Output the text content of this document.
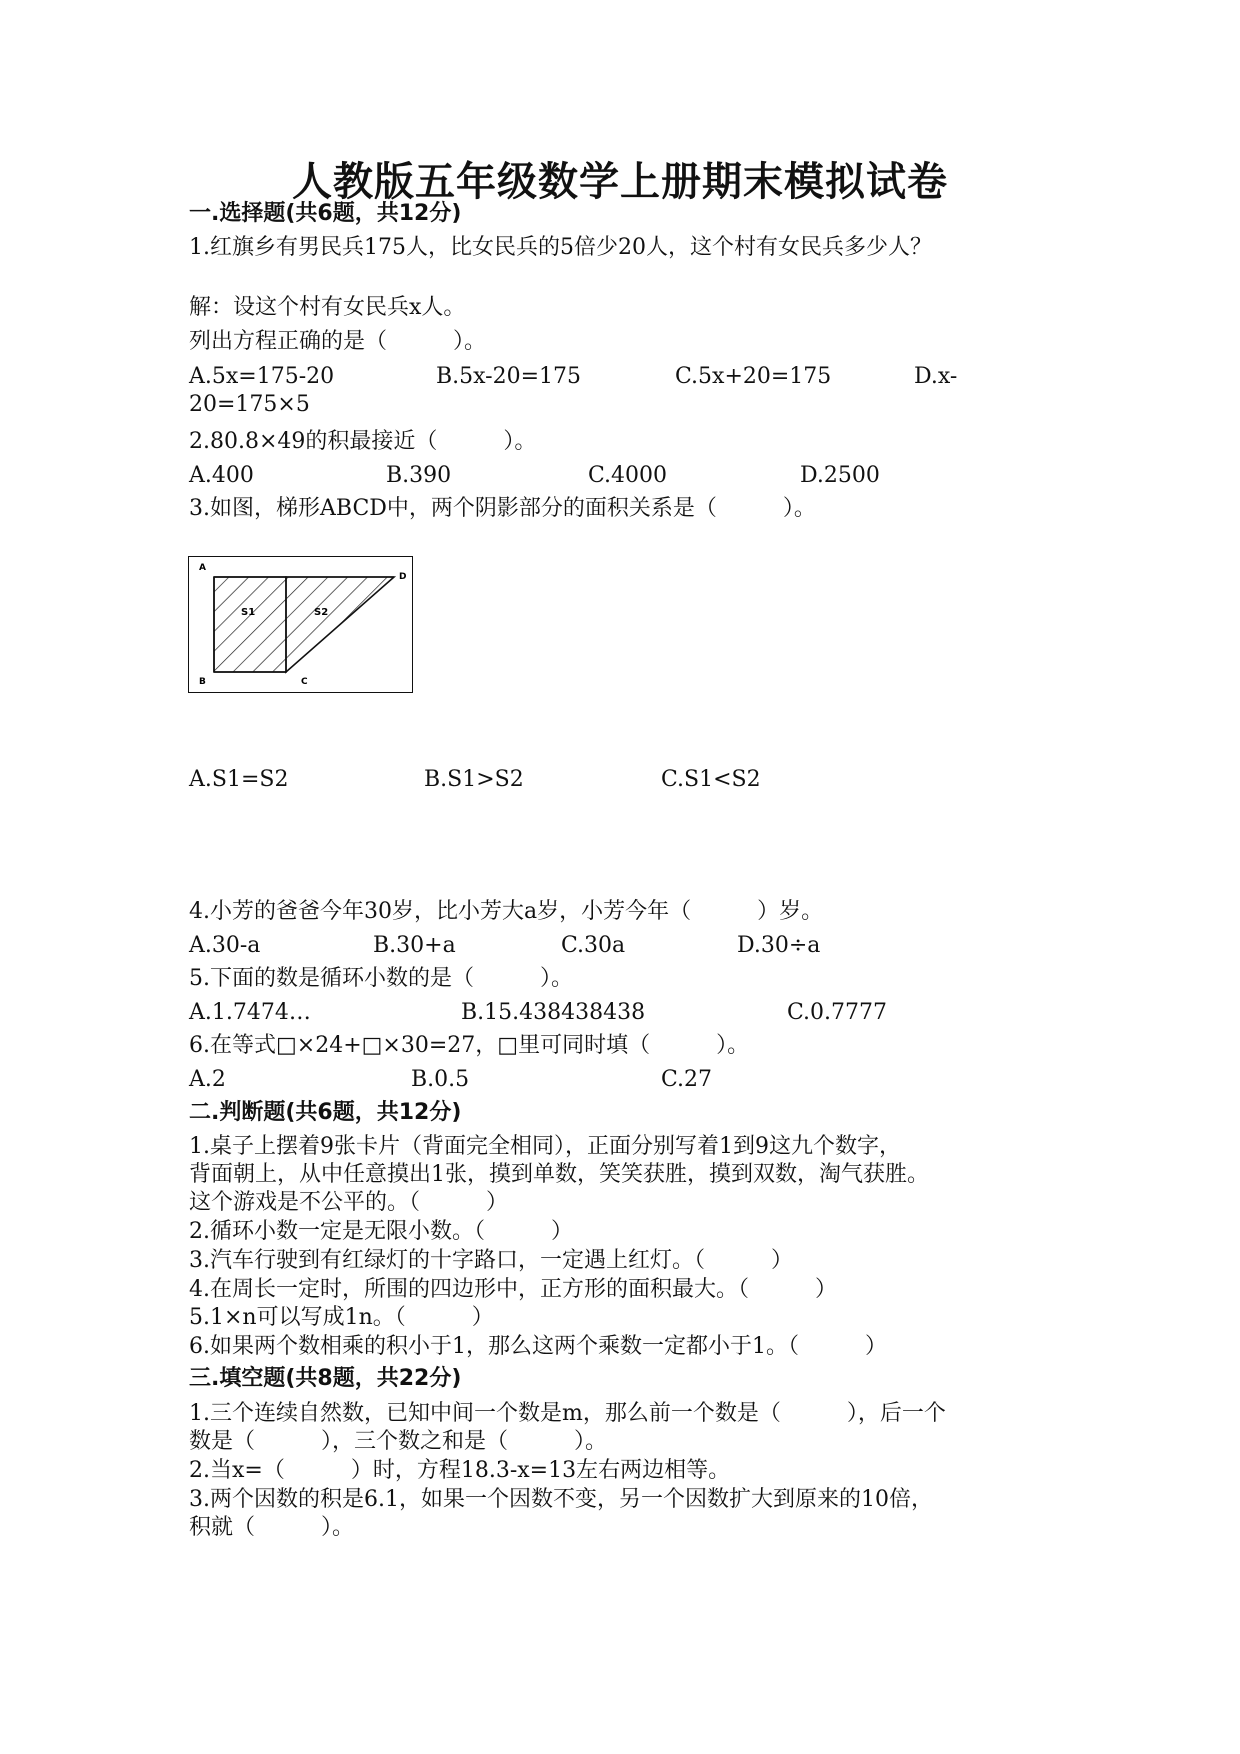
人教版五年级数学上册期末模拟试卷
一.选择题(共6题，共12分)
1.红旗乡有男民兵175人，比女民兵的5倍少20人，这个村有女民兵多少人？
解：设这个村有女民兵x人。
列出方程正确的是（　　　）。
A.5x=175-20	B.5x-20=175	C.5x+20=175	D.x-
20=175×5
2.80.8×49的积最接近（　　　）。
A.400	B.390	C.4000	D.2500
3.如图，梯形ABCD中，两个阴影部分的面积关系是（　　　）。
A
D
B	C
S1	S2
A.S1=S2	B.S1>S2	C.S1<S2
4.小芳的爸爸今年30岁，比小芳大a岁，小芳今年（　　　）岁。
A.30-a	B.30+a	C.30a	D.30÷a
5.下面的数是循环小数的是（　　　）。
A.1.7474…	B.15.438438438	C.0.7777
6.在等式□×24+□×30=27，□里可同时填（　　　）。
A.2	B.0.5	C.27
二.判断题(共6题，共12分)
1.桌子上摆着9张卡片（背面完全相同），正面分别写着1到9这九个数字，
背面朝上，从中任意摸出1张，摸到单数，笑笑获胜，摸到双数，淘气获胜。
这个游戏是不公平的。（　　　）
2.循环小数一定是无限小数。（　　　）
3.汽车行驶到有红绿灯的十字路口，一定遇上红灯。（　　　）
4.在周长一定时，所围的四边形中，正方形的面积最大。（　　　）
5.1×n可以写成1n。（　　　）
6.如果两个数相乘的积小于1，那么这两个乘数一定都小于1。（　　　）
三.填空题(共8题，共22分)
1.三个连续自然数，已知中间一个数是m，那么前一个数是（　　　），后一个
数是（　　　），三个数之和是（　　　）。
2.当x=（　　　）时，方程18.3-x=13左右两边相等。
3.两个因数的积是6.1，如果一个因数不变，另一个因数扩大到原来的10倍，
积就（　　　）。
